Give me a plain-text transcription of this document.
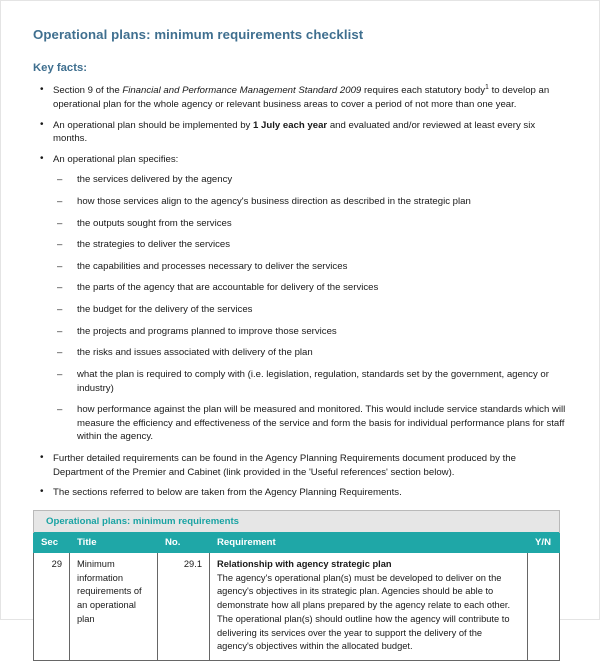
Operational plans: minimum requirements checklist
Key facts:
• Section 9 of the Financial and Performance Management Standard 2009 requires each statutory body$^1$ to develop an operational plan for the whole agency or relevant business areas to cover a period of not more than one year.
• An operational plan should be implemented by 1 July each year and evaluated and/or reviewed at least every six months.
• An operational plan specifies:
– the services delivered by the agency
– how those services align to the agency's business direction as described in the strategic plan
– the outputs sought from the services
– the strategies to deliver the services
– the capabilities and processes necessary to deliver the services
– the parts of the agency that are accountable for delivery of the services
– the budget for the delivery of the services
– the projects and programs planned to improve those services
– the risks and issues associated with delivery of the plan
– what the plan is required to comply with (i.e. legislation, regulation, standards set by the government, agency or industry)
– how performance against the plan will be measured and monitored. This would include service standards which will measure the efficiency and effectiveness of the service and form the basis for individual performance plans for staff within the agency.
• Further detailed requirements can be found in the Agency Planning Requirements document produced by the Department of the Premier and Cabinet (link provided in the 'Useful references' section below).
• The sections referred to below are taken from the Agency Planning Requirements.
Operational plans: minimum requirements				
Sec	Title	No.	Requirement	Y/N
29	Minimum information requirements of an operational plan	29.1	Relationship with agency strategic plan
The agency's operational plan(s) must be developed to deliver on the agency's objectives in its strategic plan. Agencies should be able to demonstrate how all plans prepared by the agency relate to each other.
The operational plan(s) should outline how the agency will contribute to delivering its services over the year to support the delivery of the agency's objectives within the allocated budget.	
